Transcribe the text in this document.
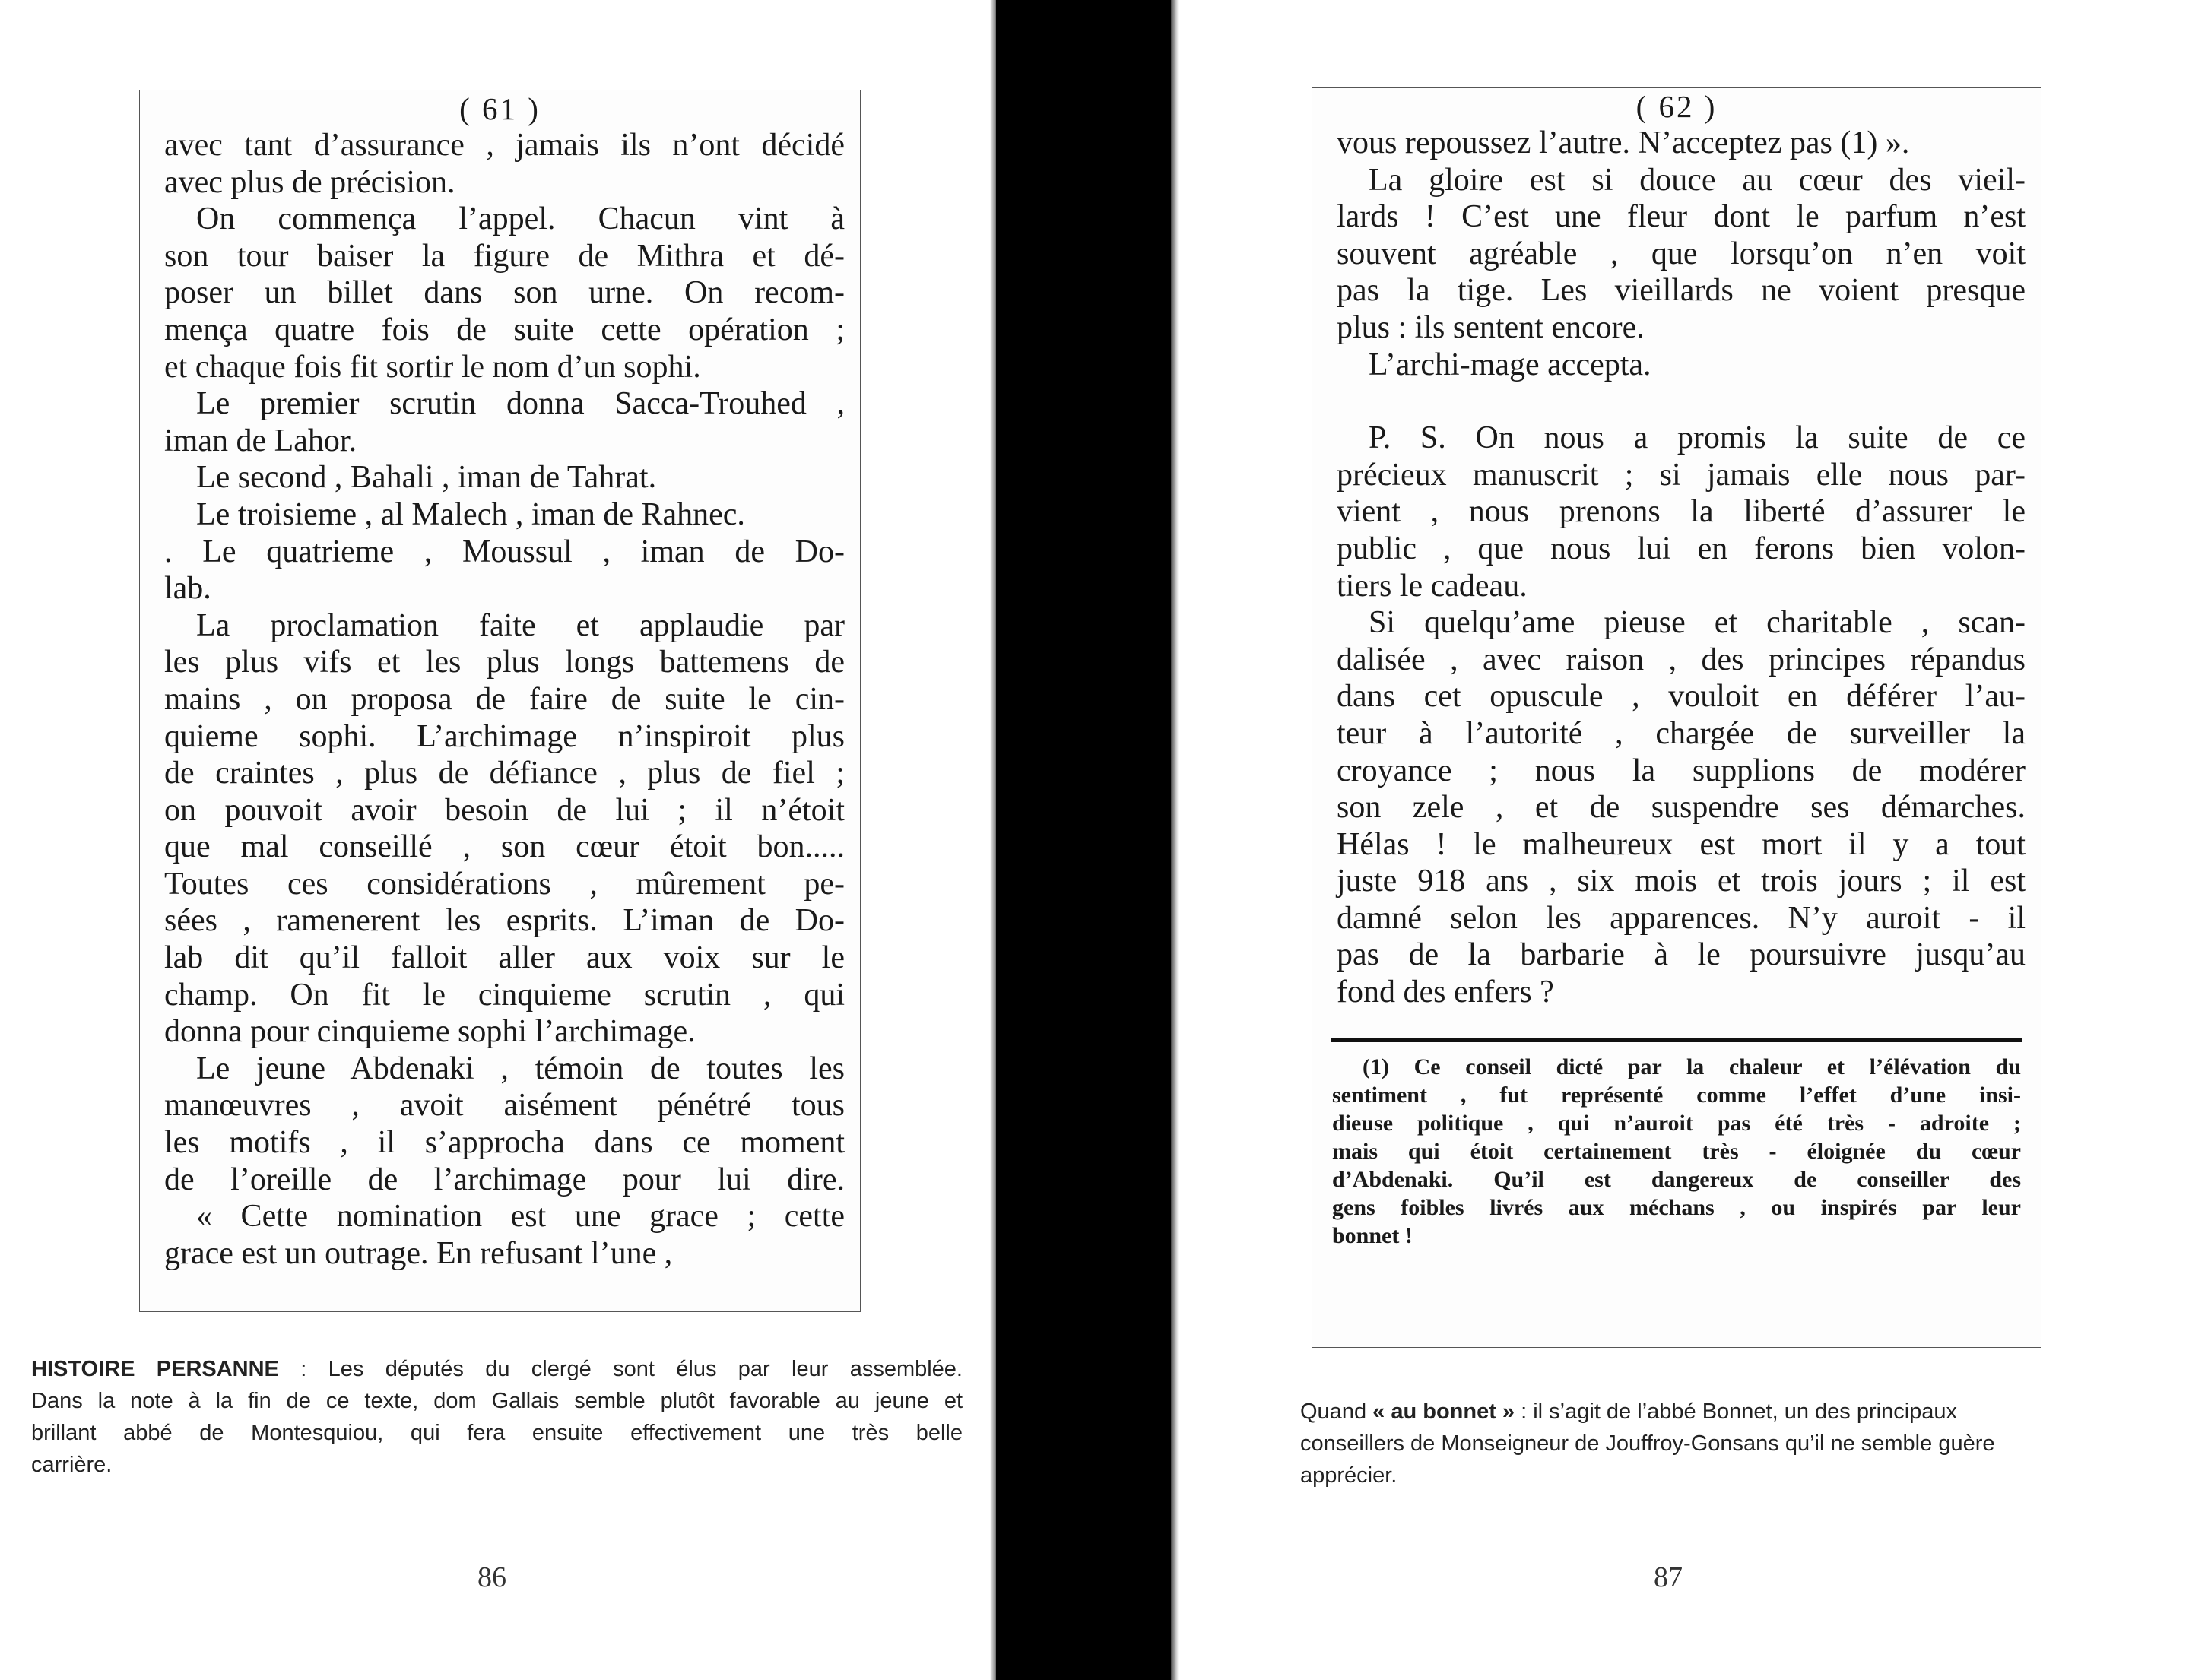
( 61 )
avec tant d’assurance , jamais ils n’ont décidé
avec plus de précision.
On commença l’appel. Chacun vint à
son tour baiser la figure de Mithra et dé-
poser un billet dans son urne. On recom-
mença quatre fois de suite cette opération ;
et chaque fois fit sortir le nom d’un sophi.
Le premier scrutin donna Sacca-Trouhed ,
iman de Lahor.
Le second , Bahali , iman de Tahrat.
Le troisieme , al Malech , iman de Rahnec.
. Le quatrieme , Moussul , iman de Do-
lab.
La proclamation faite et applaudie par
les plus vifs et les plus longs battemens de
mains , on proposa de faire de suite le cin-
quieme sophi. L’archimage n’inspiroit plus
de craintes , plus de défiance , plus de fiel ;
on pouvoit avoir besoin de lui ; il n’étoit
que mal conseillé , son cœur étoit bon.....
Toutes ces considérations , mûrement pe-
sées , ramenerent les esprits. L’iman de Do-
lab dit qu’il falloit aller aux voix sur le
champ. On fit le cinquieme scrutin , qui
donna pour cinquieme sophi l’archimage.
Le jeune Abdenaki , témoin de toutes les
manœuvres , avoit aisément pénétré tous
les motifs , il s’approcha dans ce moment
de l’oreille de l’archimage pour lui dire.
« Cette nomination est une grace ; cette
grace est un outrage. En refusant l’une ,
HISTOIRE PERSANNE : Les députés du clergé sont élus par leur assemblée.
Dans la note à la fin de ce texte, dom Gallais semble plutôt favorable au jeune et
brillant abbé de Montesquiou, qui fera ensuite effectivement une très belle
carrière.
86
( 62 )
vous repoussez l’autre. N’acceptez pas (1) ».
La gloire est si douce au cœur des vieil-
lards ! C’est une fleur dont le parfum n’est
souvent agréable , que lorsqu’on n’en voit
pas la tige. Les vieillards ne voient presque
plus : ils sentent encore.
L’archi-mage accepta.
P. S. On nous a promis la suite de ce
précieux manuscrit ; si jamais elle nous par-
vient , nous prenons la liberté d’assurer le
public , que nous lui en ferons bien volon-
tiers le cadeau.
Si quelqu’ame pieuse et charitable , scan-
dalisée , avec raison , des principes répandus
dans cet opuscule , vouloit en déférer l’au-
teur à l’autorité , chargée de surveiller la
croyance ; nous la supplions de modérer
son zele , et de suspendre ses démarches.
Hélas ! le malheureux est mort il y a tout
juste 918 ans , six mois et trois jours ; il est
damné selon les apparences. N’y auroit - il
pas de la barbarie à le poursuivre jusqu’au
fond des enfers ?
(1) Ce conseil dicté par la chaleur et l’élévation du
sentiment , fut représenté comme l’effet d’une insi-
dieuse politique , qui n’auroit pas été très - adroite ;
mais qui étoit certainement très - éloignée du cœur
d’Abdenaki. Qu’il est dangereux de conseiller des
gens foibles livrés aux méchans , ou inspirés par leur
bonnet !
Quand « au bonnet » : il s’agit de l’abbé Bonnet, un des principaux
conseillers de Monseigneur de Jouffroy-Gonsans qu’il ne semble guère
apprécier.
87
